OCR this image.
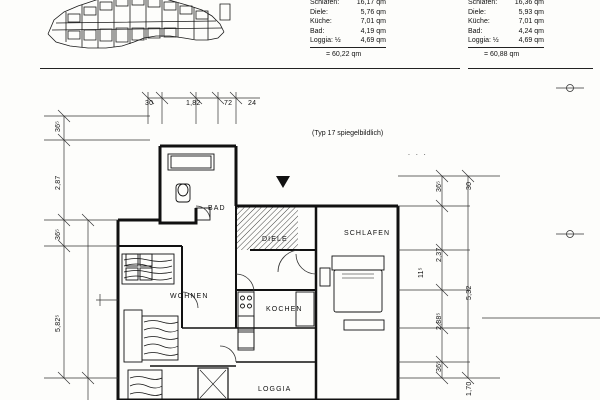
Schlafen:	16,17 qm
Diele:	5,76 qm
Küche:	7,01 qm
Bad:	4,19 qm
Loggia: ½	4,69 qm
	= 60,22 qm
Schlafen:	16,36 qm
Diele:	5,93 qm
Küche:	7,01 qm
Bad:	4,24 qm
Loggia: ½	4,69 qm
	= 60,88 qm
(Typ 17 spiegelbildlich)
. . .
BAD
DIELE
SCHLAFEN
WOHNEN
KOCHEN
LOGGIA
30	1,82	72 24
36⁵
2,87
36⁵
5,82⁵
36⁵	30
2,37
11⁵
5,32
2,88⁵
36⁵
1,70
